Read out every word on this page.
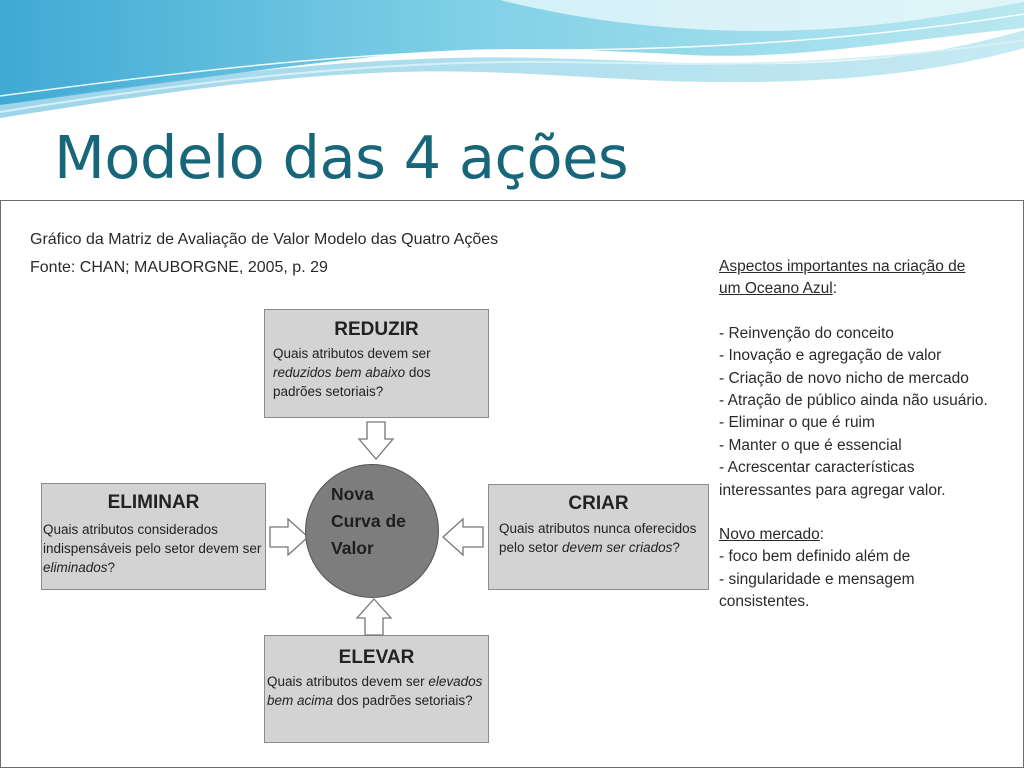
Modelo das 4 ações
Gráfico da Matriz de Avaliação de Valor Modelo das Quatro Ações
Fonte: CHAN; MAUBORGNE, 2005, p. 29
REDUZIR
Quais atributos devem ser
reduzidos bem abaixo dos
padrões setoriais?
ELIMINAR
Quais atributos considerados
indispensáveis pelo setor devem ser
eliminados?
CRIAR
Quais atributos nunca oferecidos
pelo setor devem ser criados?
ELEVAR
Quais atributos devem ser elevados
bem acima dos padrões setoriais?
Nova
Curva de
Valor
Aspectos importantes na criação de
um Oceano Azul:
- Reinvenção do conceito
- Inovação e agregação de valor
- Criação de novo nicho de mercado
- Atração de público ainda não usuário.
- Eliminar o que é ruim
- Manter o que é essencial
- Acrescentar características
interessantes para agregar valor.
Novo mercado:
- foco bem definido além de
- singularidade e mensagem
consistentes.
